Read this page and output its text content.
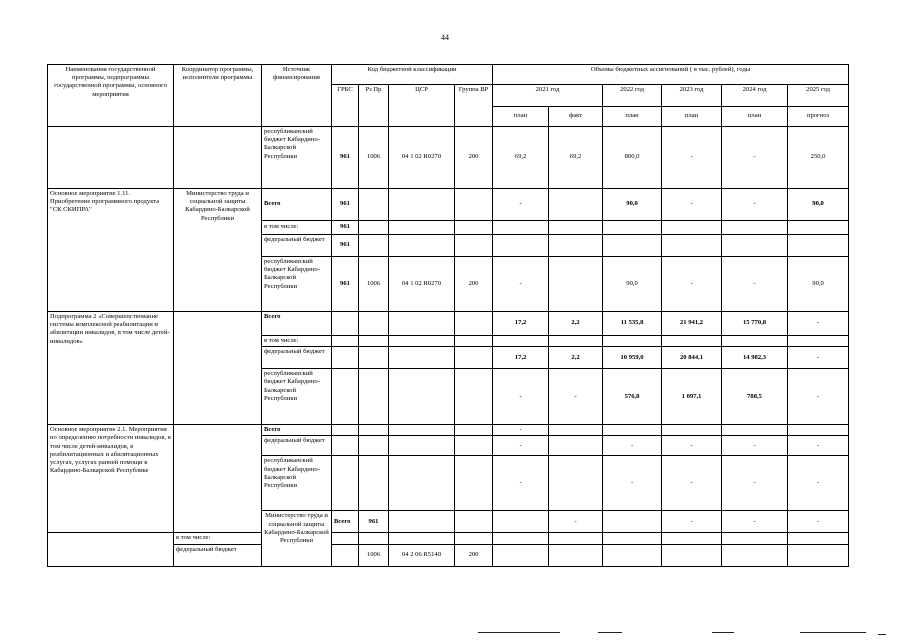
44
Наименования государственной программы, подпрограммы государственной программы, основного мероприятия	Координатор программы, исполнители программы	Источник финансирования	Код бюджетной классификации				Объемы бюджетных ассигнований ( в тыс. рублей), годы						
			ГРБС	Рз Пр	ЦСР	Группа ВР	2021 год		2022 год	2023 год	2024 год	2025 год	
							план	факт	план	план	план	прогноз	
		республиканский бюджет Кабардино-Балкарской Республики	961	1006	04 1 02 R0270	200	69,2	69,2	800,0	-	-	250,0	
Основное мероприятие 1.11. Приобретение программного продукта "СК СКИПРА"	Министерство труда и социальной защиты Кабардино-Балкарской Республики	Всего	961				-		90,0	-	-	90,0	
		в том числе:	961										
		федеральный бюджет	961										
		республиканский бюджет Кабардино-Балкарской Республики	961	1006	04 1 02 R0270	200	-		90,0	-	-	90,0	
Подпрограмма 2 «Совершенствование системы комплексной реабилитации и абилитации инвалидов, в том числе детей-инвалидов»		Всего					17,2	2,2	11 535,8	21 941,2	15 770,8	-	
		в том числе:											
		федеральный бюджет					17,2	2,2	10 959,0	20 844,1	14 982,3	-	
		республиканский бюджет Кабардино-Балкарской Республики					-	-	576,8	1 097,1	788,5	-	
Основное мероприятие 2.1. Мероприятия по определению потребности инвалидов, в том числе детей-инвалидов, в реабилитационных и абилитационных услугах, услугах ранней помощи в Кабардино-Балкарской Республике		Всего					-						
		федеральный бюджет					-		-	-	-	-	
		республиканский бюджет Кабардино-Балкарской Республики					-		-	-	-	-	
		Министерство труда и социальной защиты Кабардино-Балкарской Республики	Всего	961				-		-	-	-	
	в том числе:												
	федеральный бюджет			1006	04 2 06 R5140	200							
